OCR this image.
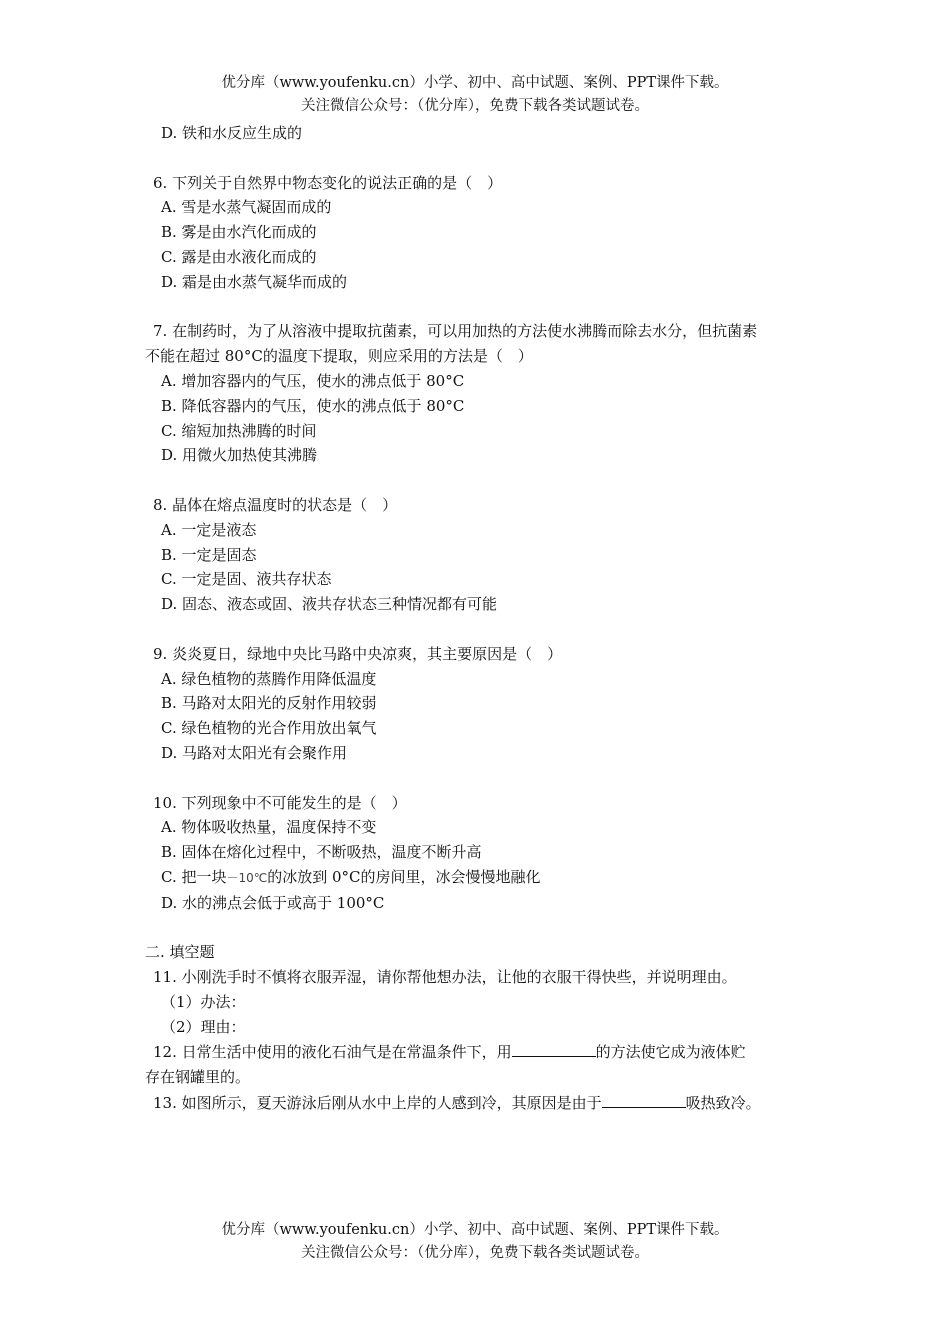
优分库（www.youfenku.cn）小学、初中、高中试题、案例、PPT课件下载。
关注微信公众号：（优分库），免费下载各类试题试卷。
D. 铁和水反应生成的
6. 下列关于自然界中物态变化的说法正确的是（　）
A. 雪是水蒸气凝固而成的
B. 雾是由水汽化而成的
C. 露是由水液化而成的
D. 霜是由水蒸气凝华而成的
7. 在制药时，为了从溶液中提取抗菌素，可以用加热的方法使水沸腾而除去水分，但抗菌素
不能在超过 80°C的温度下提取，则应采用的方法是（　）
A. 增加容器内的气压，使水的沸点低于 80°C
B. 降低容器内的气压，使水的沸点低于 80°C
C. 缩短加热沸腾的时间
D. 用微火加热使其沸腾
8. 晶体在熔点温度时的状态是（　）
A. 一定是液态
B. 一定是固态
C. 一定是固、液共存状态
D. 固态、液态或固、液共存状态三种情况都有可能
9. 炎炎夏日，绿地中央比马路中央凉爽，其主要原因是（　）
A. 绿色植物的蒸腾作用降低温度
B. 马路对太阳光的反射作用较弱
C. 绿色植物的光合作用放出氧气
D. 马路对太阳光有会聚作用
10. 下列现象中不可能发生的是（　）
A. 物体吸收热量，温度保持不变
B. 固体在熔化过程中，不断吸热，温度不断升高
C. 把一块－10℃的冰放到 0°C的房间里，冰会慢慢地融化
D. 水的沸点会低于或高于 100°C
二. 填空题
11. 小刚洗手时不慎将衣服弄湿，请你帮他想办法，让他的衣服干得快些，并说明理由。
（1）办法：
（2）理由：
12. 日常生活中使用的液化石油气是在常温条件下，用	的方法使它成为液体贮
存在钢罐里的。
13. 如图所示，夏天游泳后刚从水中上岸的人感到冷，其原因是由于	吸热致冷。
优分库（www.youfenku.cn）小学、初中、高中试题、案例、PPT课件下载。
关注微信公众号：（优分库），免费下载各类试题试卷。
